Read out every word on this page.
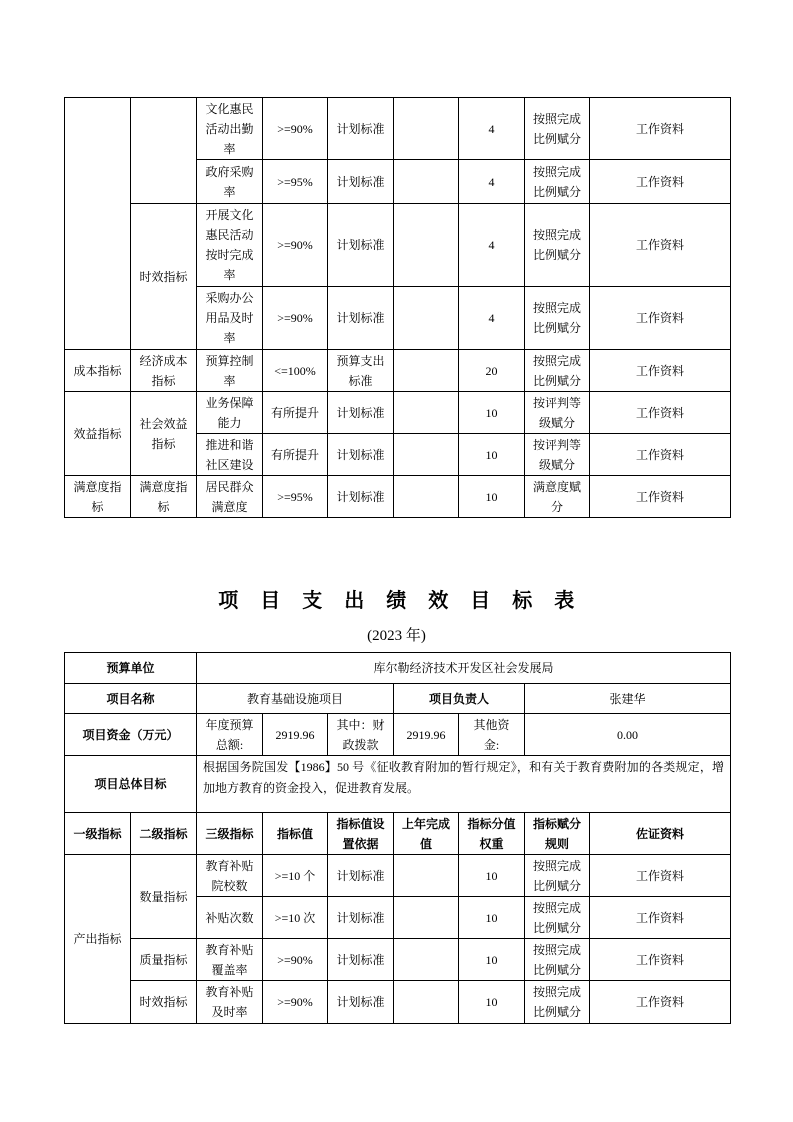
		文化惠民活动出勤率	>=90%	计划标准		4	按照完成比例赋分	工作资料
		政府采购率	>=95%	计划标准		4	按照完成比例赋分	工作资料
	时效指标	开展文化惠民活动按时完成率	>=90%	计划标准		4	按照完成比例赋分	工作资料
		采购办公用品及时率	>=90%	计划标准		4	按照完成比例赋分	工作资料
成本指标	经济成本指标	预算控制率	<=100%	预算支出标准		20	按照完成比例赋分	工作资料
效益指标	社会效益指标	业务保障能力	有所提升	计划标准		10	按评判等级赋分	工作资料
		推进和谐社区建设	有所提升	计划标准		10	按评判等级赋分	工作资料
满意度指标	满意度指标	居民群众满意度	>=95%	计划标准		10	满意度赋分	工作资料
项 目 支 出 绩 效 目 标 表
(2023 年)
预算单位		库尔勒经济技术开发区社会发展局						
项目名称		教育基础设施项目			项目负责人		张建华	
项目资金（万元）		年度预算总额:	2919.96	其中：财政拨款	2919.96	其他资金:	0.00	
项目总体目标		根据国务院国发【1986】50 号《征收教育附加的暂行规定》，和有关于教育费附加的各类规定，增加地方教育的资金投入，促进教育发展。						
一级指标	二级指标	三级指标	指标值	指标值设置依据	上年完成值	指标分值权重	指标赋分规则	佐证资料
产出指标	数量指标	教育补贴院校数	>=10 个	计划标准		10	按照完成比例赋分	工作资料
		补贴次数	>=10 次	计划标准		10	按照完成比例赋分	工作资料
	质量指标	教育补贴覆盖率	>=90%	计划标准		10	按照完成比例赋分	工作资料
	时效指标	教育补贴及时率	>=90%	计划标准		10	按照完成比例赋分	工作资料
